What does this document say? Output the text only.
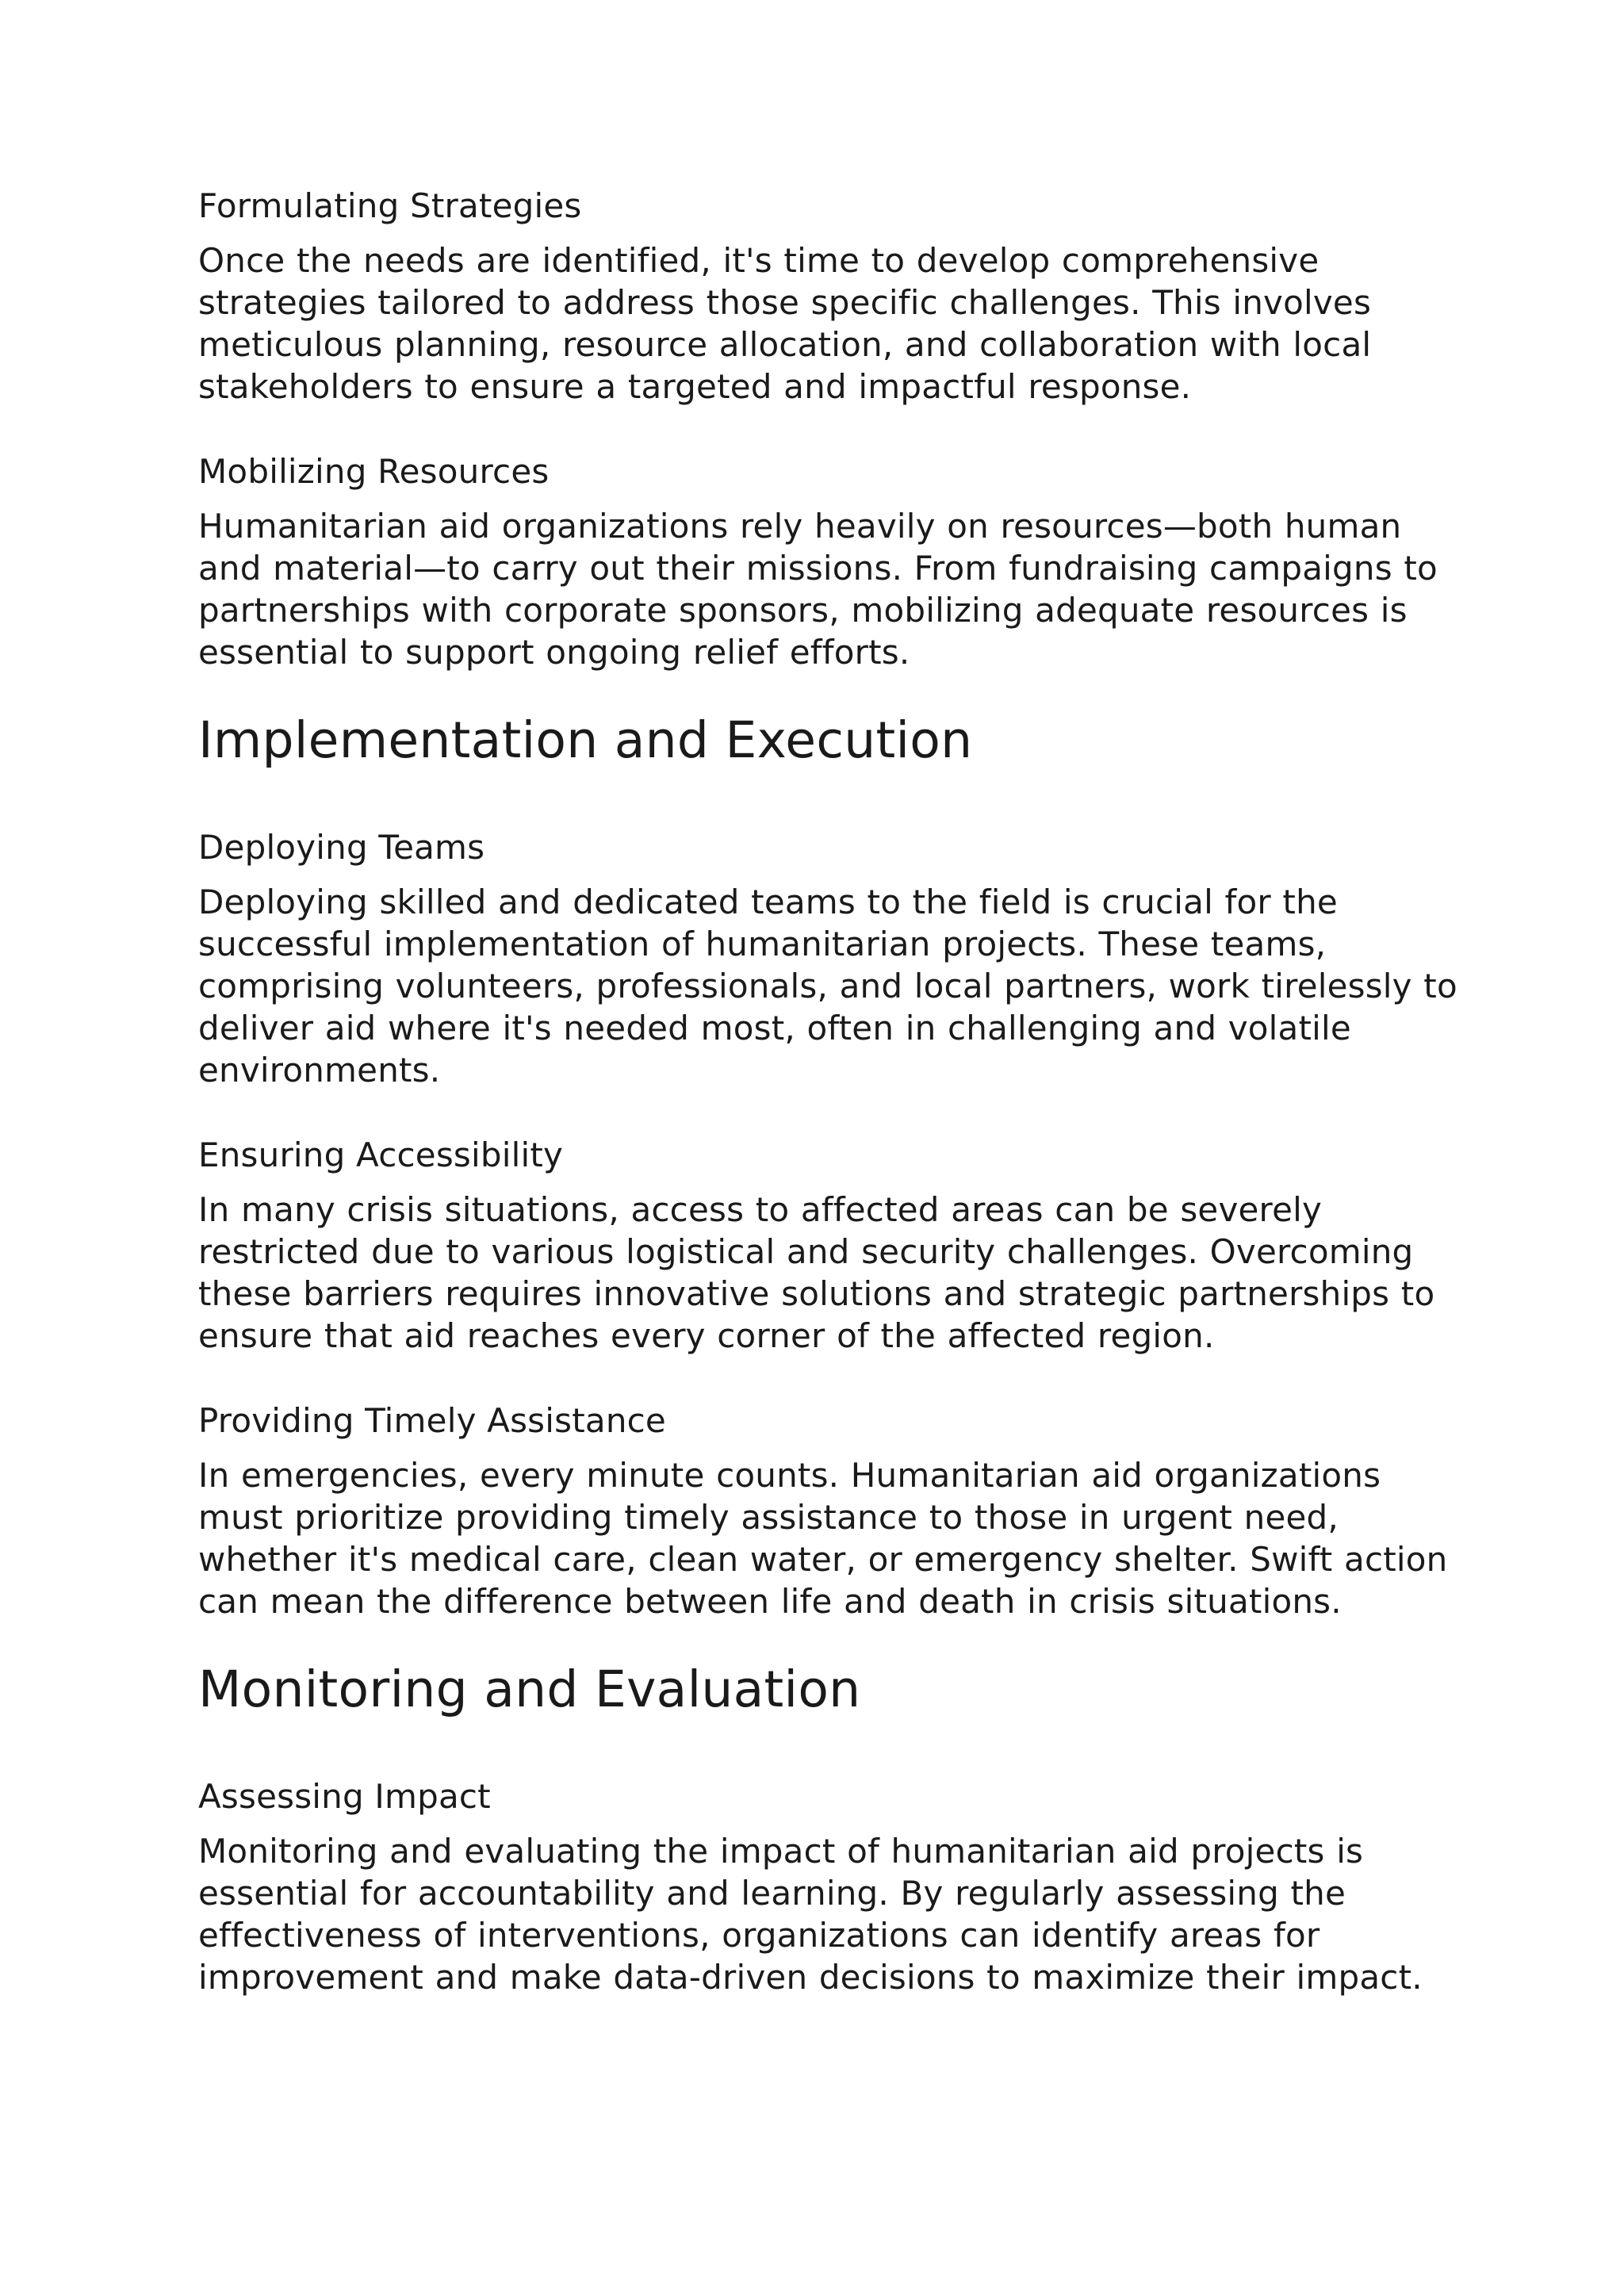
Formulating Strategies

Once the needs are identified, it's time to develop comprehensive strategies tailored to address those specific challenges. This involves meticulous planning, resource allocation, and collaboration with local stakeholders to ensure a targeted and impactful response.

Mobilizing Resources

Humanitarian aid organizations rely heavily on resources—both human and material—to carry out their missions. From fundraising campaigns to partnerships with corporate sponsors, mobilizing adequate resources is essential to support ongoing relief efforts.

Implementation and Execution
Deploying Teams

Deploying skilled and dedicated teams to the field is crucial for the successful implementation of humanitarian projects. These teams, comprising volunteers, professionals, and local partners, work tirelessly to deliver aid where it's needed most, often in challenging and volatile environments.

Ensuring Accessibility

In many crisis situations, access to affected areas can be severely restricted due to various logistical and security challenges. Overcoming these barriers requires innovative solutions and strategic partnerships to ensure that aid reaches every corner of the affected region.

Providing Timely Assistance

In emergencies, every minute counts. Humanitarian aid organizations must prioritize providing timely assistance to those in urgent need, whether it's medical care, clean water, or emergency shelter. Swift action can mean the difference between life and death in crisis situations.

Monitoring and Evaluation
Assessing Impact

Monitoring and evaluating the impact of humanitarian aid projects is essential for accountability and learning. By regularly assessing the effectiveness of interventions, organizations can identify areas for improvement and make data-driven decisions to maximize their impact.
